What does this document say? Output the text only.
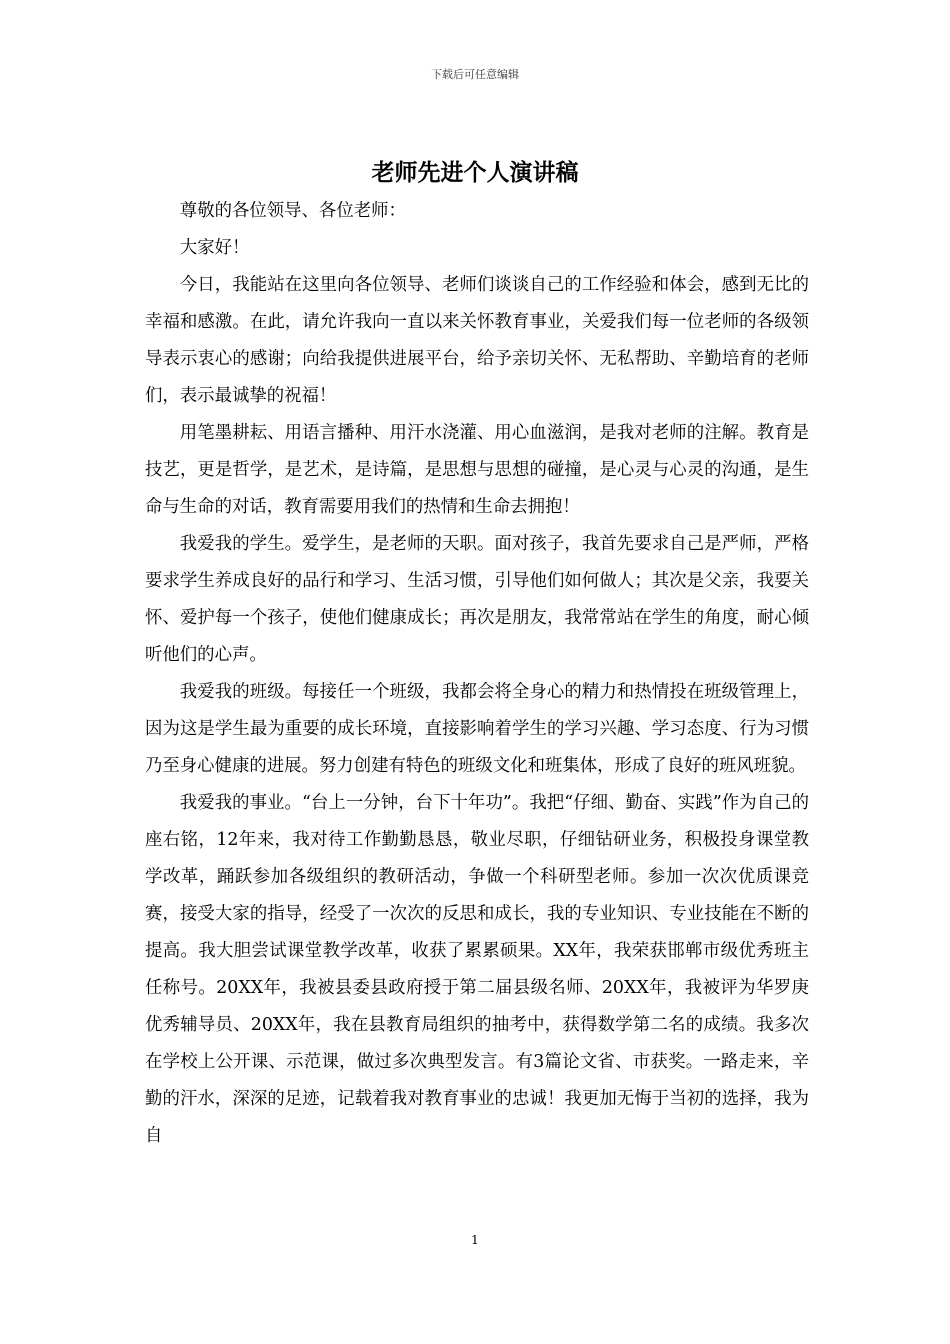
下载后可任意编辑
老师先进个人演讲稿

尊敬的各位领导、各位老师：

大家好！

今日，我能站在这里向各位领导、老师们谈谈自己的工作经验和体会，感到无比的幸福和感激。在此，请允许我向一直以来关怀教育事业，关爱我们每一位老师的各级领导表示衷心的感谢；向给我提供进展平台，给予亲切关怀、无私帮助、辛勤培育的老师们，表示最诚挚的祝福！

用笔墨耕耘、用语言播种、用汗水浇灌、用心血滋润，是我对老师的注解。教育是技艺，更是哲学，是艺术，是诗篇，是思想与思想的碰撞，是心灵与心灵的沟通，是生命与生命的对话，教育需要用我们的热情和生命去拥抱！

我爱我的学生。爱学生，是老师的天职。面对孩子，我首先要求自己是严师，严格要求学生养成良好的品行和学习、生活习惯，引导他们如何做人；其次是父亲，我要关怀、爱护每一个孩子，使他们健康成长；再次是朋友，我常常站在学生的角度，耐心倾听他们的心声。

我爱我的班级。每接任一个班级，我都会将全身心的精力和热情投在班级管理上，因为这是学生最为重要的成长环境，直接影响着学生的学习兴趣、学习态度、行为习惯乃至身心健康的进展。努力创建有特色的班级文化和班集体，形成了良好的班风班貌。

我爱我的事业。“台上一分钟，台下十年功”。我把“仔细、勤奋、实践”作为自己的座右铭，12年来，我对待工作勤勤恳恳，敬业尽职，仔细钻研业务，积极投身课堂教学改革，踊跃参加各级组织的教研活动，争做一个科研型老师。参加一次次优质课竞赛，接受大家的指导，经受了一次次的反思和成长，我的专业知识、专业技能在不断的提高。我大胆尝试课堂教学改革，收获了累累硕果。XX年，我荣获邯郸市级优秀班主任称号。20XX年，我被县委县政府授于第二届县级名师、20XX年，我被评为华罗庚优秀辅导员、20XX年，我在县教育局组织的抽考中，获得数学第二名的成绩。我多次在学校上公开课、示范课，做过多次典型发言。有3篇论文省、市获奖。一路走来，辛勤的汗水，深深的足迹，记载着我对教育事业的忠诚！我更加无悔于当初的选择，我为自

1
